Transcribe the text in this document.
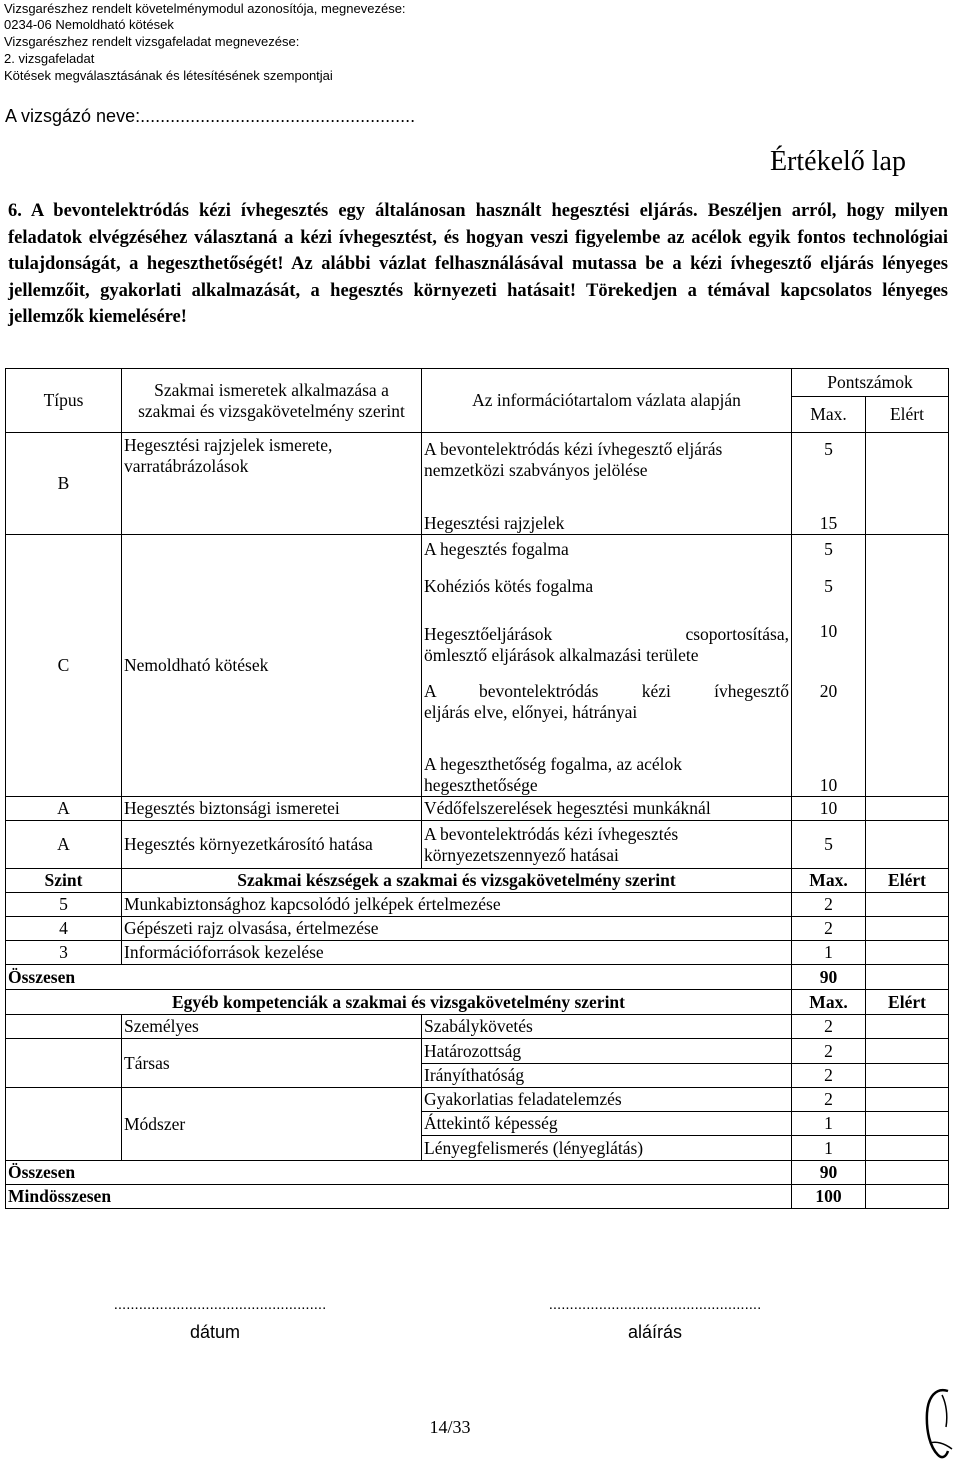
Vizsgarészhez rendelt követelménymodul azonosítója, megnevezése:
0234-06 Nemoldható kötések
Vizsgarészhez rendelt vizsgafeladat megnevezése:
2. vizsgafeladat
Kötések megválasztásának és létesítésének szempontjai
A vizsgázó neve:.......................................................
Értékelő lap
6. A bevontelektródás kézi ívhegesztés egy általánosan használt hegesztési eljárás. Beszéljen arról, hogy milyen feladatok elvégzéséhez választaná a kézi ívhegesztést, és hogyan veszi figyelembe az acélok egyik fontos technológiai tulajdonságát, a hegeszthetőségét! Az alábbi vázlat felhasználásával mutassa be a kézi ívhegesztő eljárás lényeges jellemzőit, gyakorlati alkalmazását, a hegesztés környezeti hatásait! Törekedjen a témával kapcsolatos lényeges jellemzők kiemelésére!
Típus	Szakmai ismeretek alkalmazása a szakmai és vizsgakövetelmény szerint	Az információtartalom vázlata alapján	Pontszámok	
			Max.	Elért
B	Hegesztési rajzjelek ismerete, varratábrázolások	A bevontelektródás kézi ívhegesztő eljárás nemzetközi szabványos jelölése	5	
		Hegesztési rajzjelek	15	
C	Nemoldható kötések	A hegesztés fogalma	5	
		Kohéziós kötés fogalma	5	

		Hegesztőeljárások csoportosítása,
ömlesztő eljárások alkalmazási területe	10	

		A bevontelektródás kézi ívhegesztő
eljárás elve, előnyei, hátrányai	20	

		A hegeszthetőség fogalma, az acélok
hegeszthetősége	10	
A	Hegesztés biztonsági ismeretei	Védőfelszerelések hegesztési munkáknál	10	
A	Hegesztés környezetkárosító hatása	A bevontelektródás kézi ívhegesztés környezetszennyező hatásai	5	
Szint	Szakmai készségek a szakmai és vizsgakövetelmény szerint		Max.	Elért
5	Munkabiztonsághoz kapcsolódó jelképek értelmezése		2	
4	Gépészeti rajz olvasása, értelmezése		2	
3	Információforrások kezelése		1	
Összesen			90	
Egyéb kompetenciák a szakmai és vizsgakövetelmény szerint			Max.	Elért
	Személyes	Szabálykövetés	2	
	Társas	Határozottság	2	
		Irányíthatóság	2	
	Módszer	Gyakorlatias feladatelemzés	2	
		Áttekintő képesség	1	
		Lényegfelismerés (lényeglátás)	1	
Összesen			90	
Mindösszesen			100	
...................................................
dátum
...................................................
aláírás
14/33
